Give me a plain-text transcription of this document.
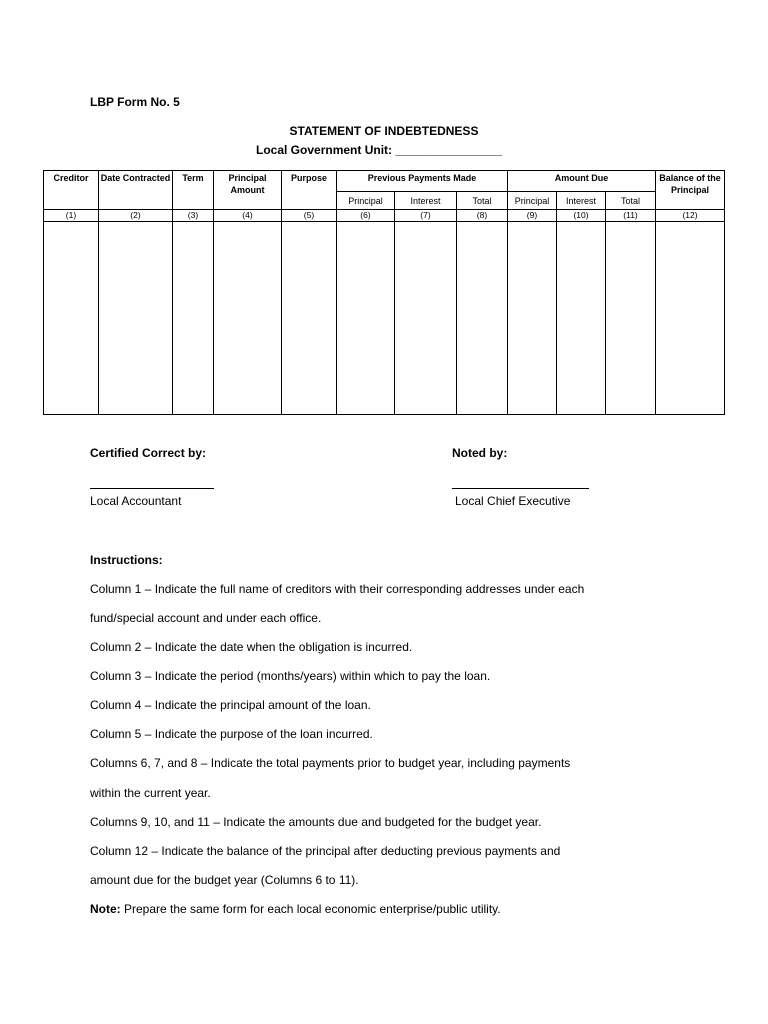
LBP Form No. 5
STATEMENT OF INDEBTEDNESS
Local Government Unit: ________________
Creditor	Date Contracted	Term	Principal Amount	Purpose	Previous Payments Made			Amount Due			Balance of the Principal
					Principal	Interest	Total	Principal	Interest	Total	
(1)	(2)	(3)	(4)	(5)	(6)	(7)	(8)	(9)	(10)	(11)	(12)

Certified Correct by:	Noted by:
Local Accountant	Local Chief Executive
Instructions:
Column 1 – Indicate the full name of creditors with their corresponding addresses under each
fund/special account and under each office.
Column 2 – Indicate the date when the obligation is incurred.
Column 3 – Indicate the period (months/years) within which to pay the loan.
Column 4 – Indicate the principal amount of the loan.
Column 5 – Indicate the purpose of the loan incurred.
Columns 6, 7, and 8 – Indicate the total payments prior to budget year, including payments
within the current year.
Columns 9, 10, and 11 – Indicate the amounts due and budgeted for the budget year.
Column 12 – Indicate the balance of the principal after deducting previous payments and
amount due for the budget year (Columns 6 to 11).
Note: Prepare the same form for each local economic enterprise/public utility.
